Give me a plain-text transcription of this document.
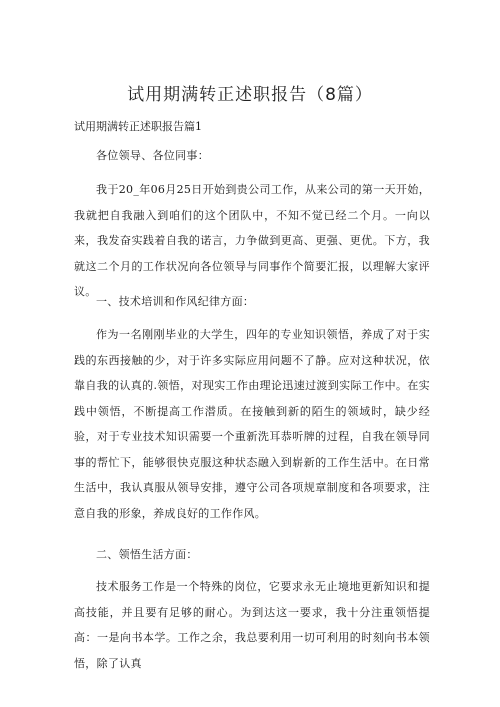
试用期满转正述职报告（8篇）
试用期满转正述职报告篇1
各位领导、各位同事：
我于20_年06月25日开始到贵公司工作，从来公司的第一天开始，我就把自我融入到咱们的这个团队中，不知不觉已经二个月。一向以来，我发奋实践着自我的诺言，力争做到更高、更强、更优。下方，我就这二个月的工作状况向各位领导与同事作个简要汇报，以理解大家评议。
一、技术培训和作风纪律方面：
作为一名刚刚毕业的大学生，四年的专业知识领悟，养成了对于实践的东西接触的少，对于许多实际应用问题不了静。应对这种状况，依靠自我的认真的.领悟，对现实工作由理论迅速过渡到实际工作中。在实践中领悟，不断提高工作潜质。在接触到新的陌生的领域时，缺少经验，对于专业技术知识需要一个重新洗耳恭听牌的过程，自我在领导同事的帮忙下，能够很快克服这种状态融入到崭新的工作生活中。在日常生活中，我认真服从领导安排，遵守公司各项规章制度和各项要求，注意自我的形象，养成良好的工作作风。
二、领悟生活方面：
技术服务工作是一个特殊的岗位，它要求永无止境地更新知识和提高技能，并且要有足够的耐心。为到达这一要求，我十分注重领悟提高：一是向书本学。工作之余，我总要利用一切可利用的时刻向书本领悟，除了认真
